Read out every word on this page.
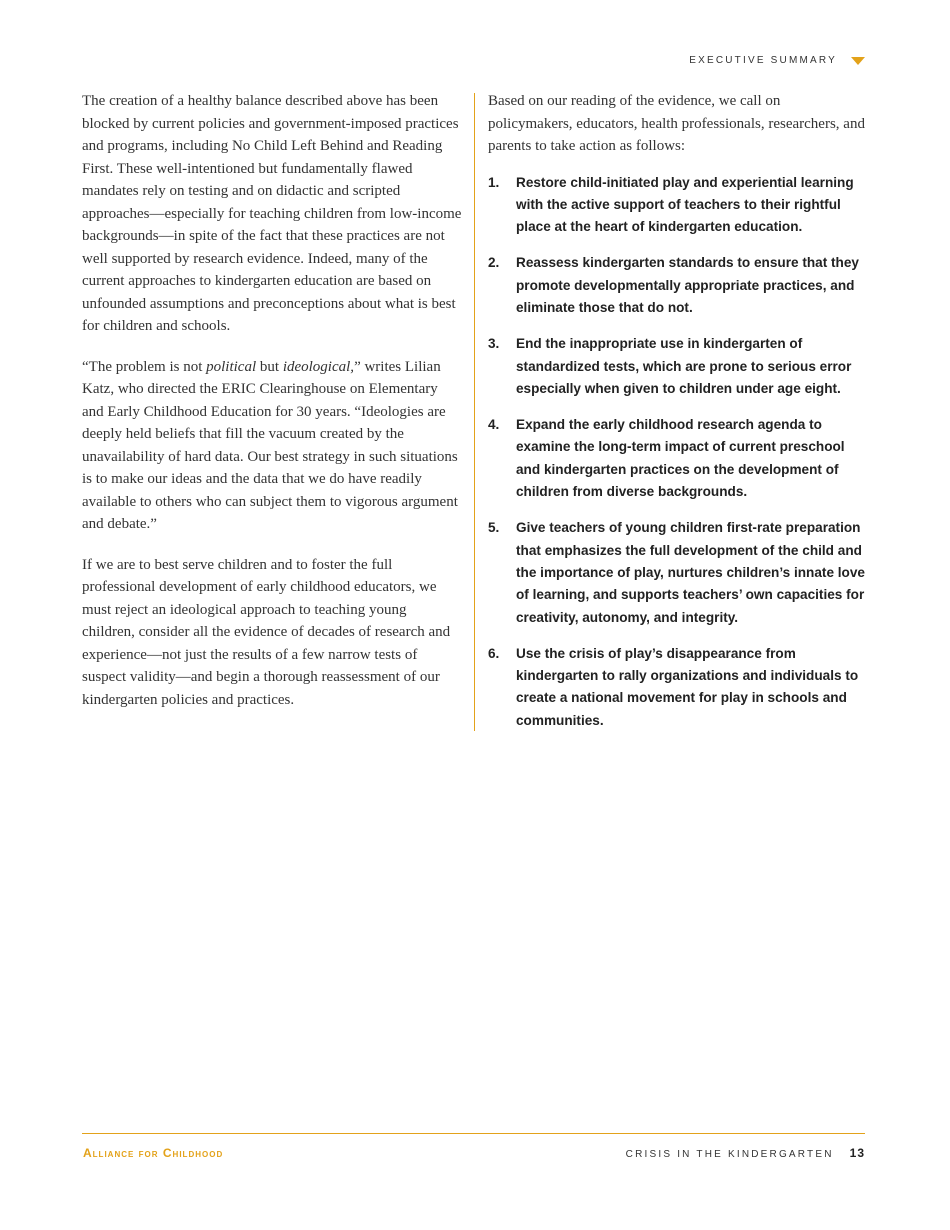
EXECUTIVE SUMMARY

The creation of a healthy balance described above has been blocked by current policies and government-imposed practices and programs, including No Child Left Behind and Reading First. These well-intentioned but fundamentally flawed mandates rely on testing and on didactic and scripted approaches—especially for teaching children from low-income backgrounds—in spite of the fact that these practices are not well supported by research evidence. Indeed, many of the current approaches to kindergarten education are based on unfounded assumptions and preconceptions about what is best for children and schools.

“The problem is not political but ideological,” writes Lilian Katz, who directed the ERIC Clearinghouse on Elementary and Early Childhood Education for 30 years. “Ideologies are deeply held beliefs that fill the vacuum created by the unavailability of hard data. Our best strategy in such situations is to make our ideas and the data that we do have readily available to others who can subject them to vigorous argument and debate.”

If we are to best serve children and to foster the full professional development of early childhood educators, we must reject an ideological approach to teaching young children, consider all the evidence of decades of research and experience—not just the results of a few narrow tests of suspect validity—and begin a thorough reassessment of our kindergarten policies and practices.

Based on our reading of the evidence, we call on policymakers, educators, health professionals, researchers, and parents to take action as follows:

1.	Restore child-initiated play and experiential learning with the active support of teachers to their rightful place at the heart of kindergarten education.
2.	Reassess kindergarten standards to ensure that they promote developmentally appropriate practices, and eliminate those that do not.
3.	End the inappropriate use in kindergarten of standardized tests, which are prone to serious error especially when given to children under age eight.
4.	Expand the early childhood research agenda to examine the long-term impact of current preschool and kindergarten practices on the development of children from diverse backgrounds.
5.	Give teachers of young children first-rate preparation that emphasizes the full development of the child and the importance of play, nurtures children’s innate love of learning, and supports teachers’ own capacities for creativity, autonomy, and integrity.
6.	Use the crisis of play’s disappearance from kindergarten to rally organizations and individuals to create a national movement for play in schools and communities.
Alliance for Childhood	CRISIS IN THE KINDERGARTEN 13
